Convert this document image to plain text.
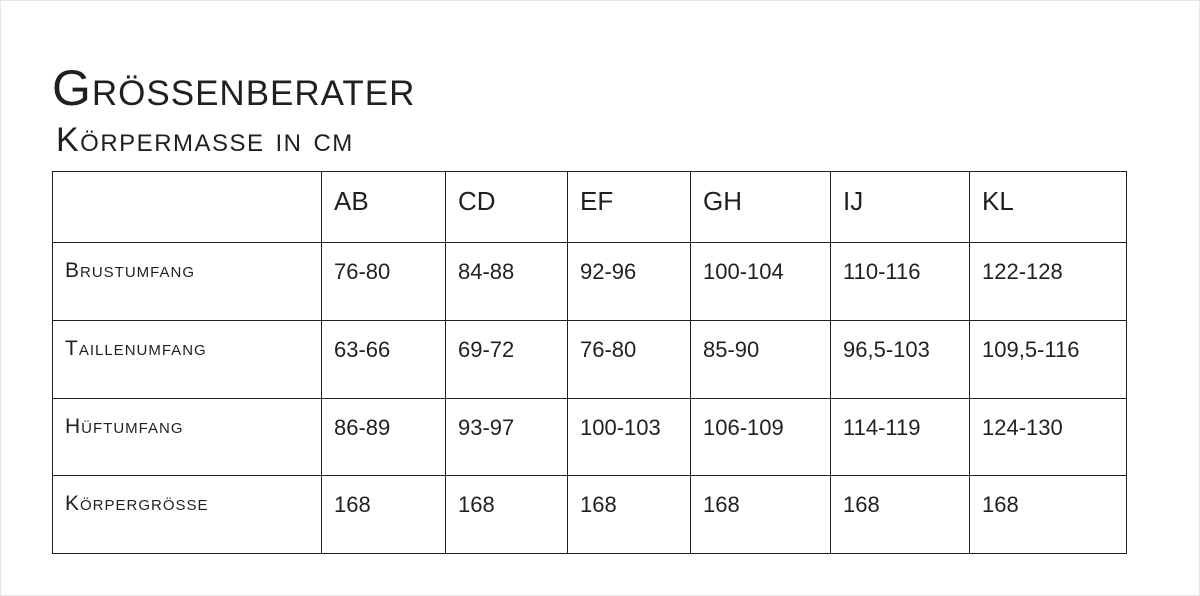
Grössenberater
Körpermasse in cm
	AB	CD	EF	GH	IJ	KL
Brustumfang	76-80	84-88	92-96	100-104	110-116	122-128
Taillenumfang	63-66	69-72	76-80	85-90	96,5-103	109,5-116
Hüftumfang	86-89	93-97	100-103	106-109	114-119	124-130
Körpergrösse	168	168	168	168	168	168
